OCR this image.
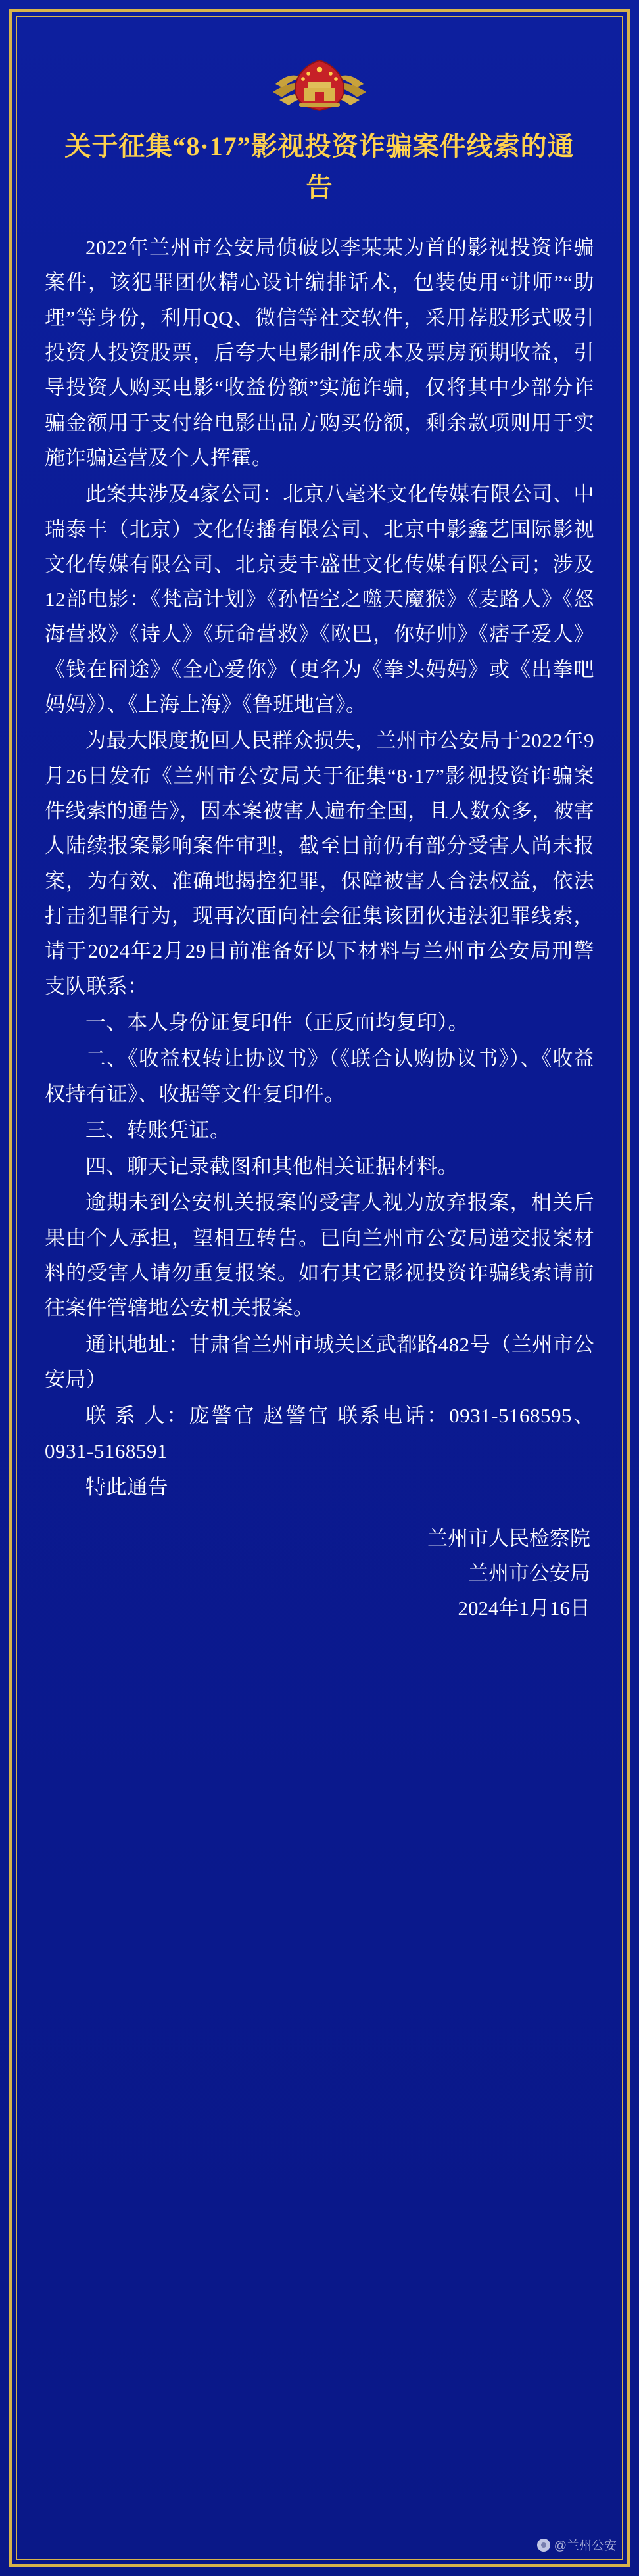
关于征集“8·17”影视投资诈骗案件线索的通告

2022年兰州市公安局侦破以李某某为首的影视投资诈骗案件，该犯罪团伙精心设计编排话术，包装使用“讲师”“助理”等身份，利用QQ、微信等社交软件，采用荐股形式吸引投资人投资股票，后夸大电影制作成本及票房预期收益，引导投资人购买电影“收益份额”实施诈骗，仅将其中少部分诈骗金额用于支付给电影出品方购买份额，剩余款项则用于实施诈骗运营及个人挥霍。

此案共涉及4家公司：北京八毫米文化传媒有限公司、中瑞泰丰（北京）文化传播有限公司、北京中影鑫艺国际影视文化传媒有限公司、北京麦丰盛世文化传媒有限公司；涉及12部电影：《梵高计划》《孙悟空之噬天魔猴》《麦路人》《怒海营救》《诗人》《玩命营救》《欧巴，你好帅》《痞子爱人》《钱在囧途》《全心爱你》（更名为《拳头妈妈》或《出拳吧妈妈》）、《上海上海》《鲁班地宫》。

为最大限度挽回人民群众损失，兰州市公安局于2022年9月26日发布《兰州市公安局关于征集“8·17”影视投资诈骗案件线索的通告》，因本案被害人遍布全国，且人数众多，被害人陆续报案影响案件审理，截至目前仍有部分受害人尚未报案，为有效、准确地揭控犯罪，保障被害人合法权益，依法打击犯罪行为，现再次面向社会征集该团伙违法犯罪线索，请于2024年2月29日前准备好以下材料与兰州市公安局刑警支队联系：

一、本人身份证复印件（正反面均复印）。

二、《收益权转让协议书》（《联合认购协议书》）、《收益权持有证》、收据等文件复印件。

三、转账凭证。

四、聊天记录截图和其他相关证据材料。

逾期未到公安机关报案的受害人视为放弃报案，相关后果由个人承担，望相互转告。已向兰州市公安局递交报案材料的受害人请勿重复报案。如有其它影视投资诈骗线索请前往案件管辖地公安机关报案。

通讯地址：甘肃省兰州市城关区武都路482号（兰州市公安局）

联 系 人：庞警官 赵警官 联系电话：0931-5168595、0931-5168591

特此通告

兰州市人民检察院
兰州市公安局
2024年1月16日
@兰州公安
